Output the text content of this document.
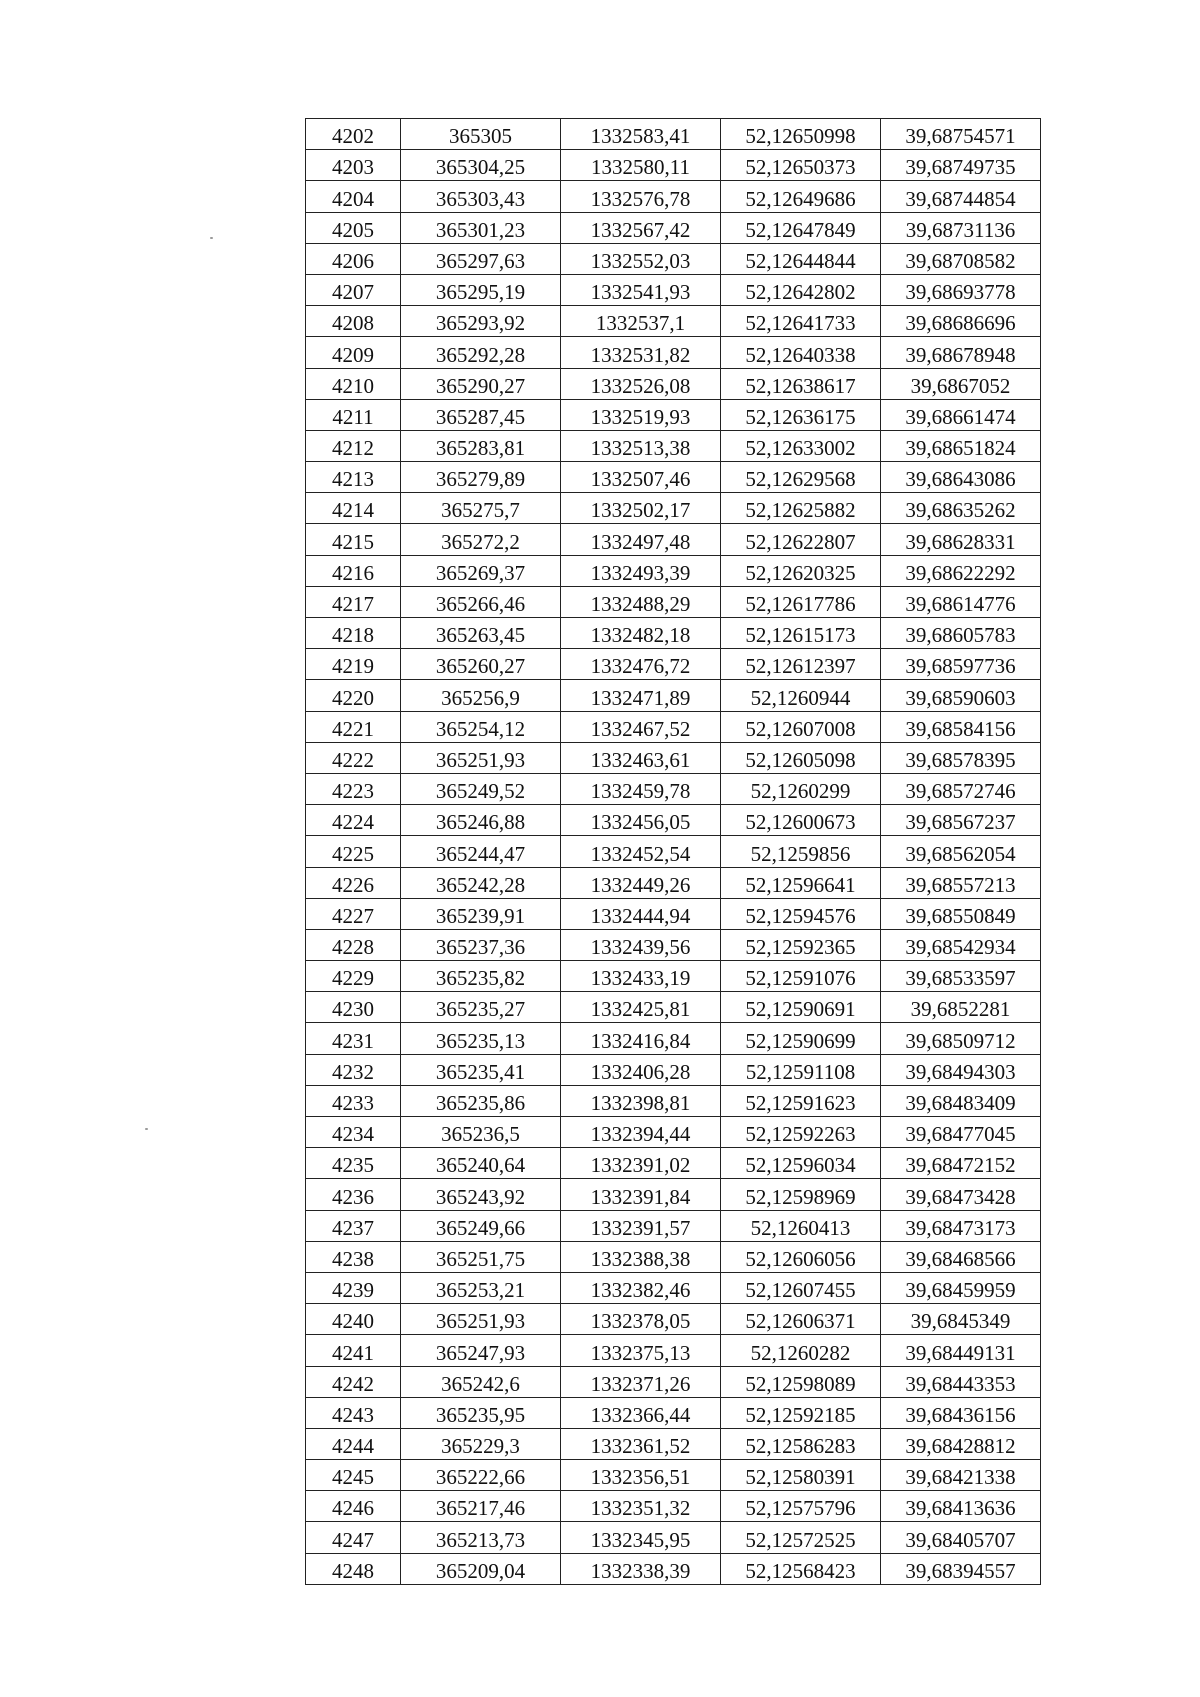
4202	365305	1332583,41	52,12650998	39,68754571
4203	365304,25	1332580,11	52,12650373	39,68749735
4204	365303,43	1332576,78	52,12649686	39,68744854
4205	365301,23	1332567,42	52,12647849	39,68731136
4206	365297,63	1332552,03	52,12644844	39,68708582
4207	365295,19	1332541,93	52,12642802	39,68693778
4208	365293,92	1332537,1	52,12641733	39,68686696
4209	365292,28	1332531,82	52,12640338	39,68678948
4210	365290,27	1332526,08	52,12638617	39,6867052
4211	365287,45	1332519,93	52,12636175	39,68661474
4212	365283,81	1332513,38	52,12633002	39,68651824
4213	365279,89	1332507,46	52,12629568	39,68643086
4214	365275,7	1332502,17	52,12625882	39,68635262
4215	365272,2	1332497,48	52,12622807	39,68628331
4216	365269,37	1332493,39	52,12620325	39,68622292
4217	365266,46	1332488,29	52,12617786	39,68614776
4218	365263,45	1332482,18	52,12615173	39,68605783
4219	365260,27	1332476,72	52,12612397	39,68597736
4220	365256,9	1332471,89	52,1260944	39,68590603
4221	365254,12	1332467,52	52,12607008	39,68584156
4222	365251,93	1332463,61	52,12605098	39,68578395
4223	365249,52	1332459,78	52,1260299	39,68572746
4224	365246,88	1332456,05	52,12600673	39,68567237
4225	365244,47	1332452,54	52,1259856	39,68562054
4226	365242,28	1332449,26	52,12596641	39,68557213
4227	365239,91	1332444,94	52,12594576	39,68550849
4228	365237,36	1332439,56	52,12592365	39,68542934
4229	365235,82	1332433,19	52,12591076	39,68533597
4230	365235,27	1332425,81	52,12590691	39,6852281
4231	365235,13	1332416,84	52,12590699	39,68509712
4232	365235,41	1332406,28	52,12591108	39,68494303
4233	365235,86	1332398,81	52,12591623	39,68483409
4234	365236,5	1332394,44	52,12592263	39,68477045
4235	365240,64	1332391,02	52,12596034	39,68472152
4236	365243,92	1332391,84	52,12598969	39,68473428
4237	365249,66	1332391,57	52,1260413	39,68473173
4238	365251,75	1332388,38	52,12606056	39,68468566
4239	365253,21	1332382,46	52,12607455	39,68459959
4240	365251,93	1332378,05	52,12606371	39,6845349
4241	365247,93	1332375,13	52,1260282	39,68449131
4242	365242,6	1332371,26	52,12598089	39,68443353
4243	365235,95	1332366,44	52,12592185	39,68436156
4244	365229,3	1332361,52	52,12586283	39,68428812
4245	365222,66	1332356,51	52,12580391	39,68421338
4246	365217,46	1332351,32	52,12575796	39,68413636
4247	365213,73	1332345,95	52,12572525	39,68405707
4248	365209,04	1332338,39	52,12568423	39,68394557
